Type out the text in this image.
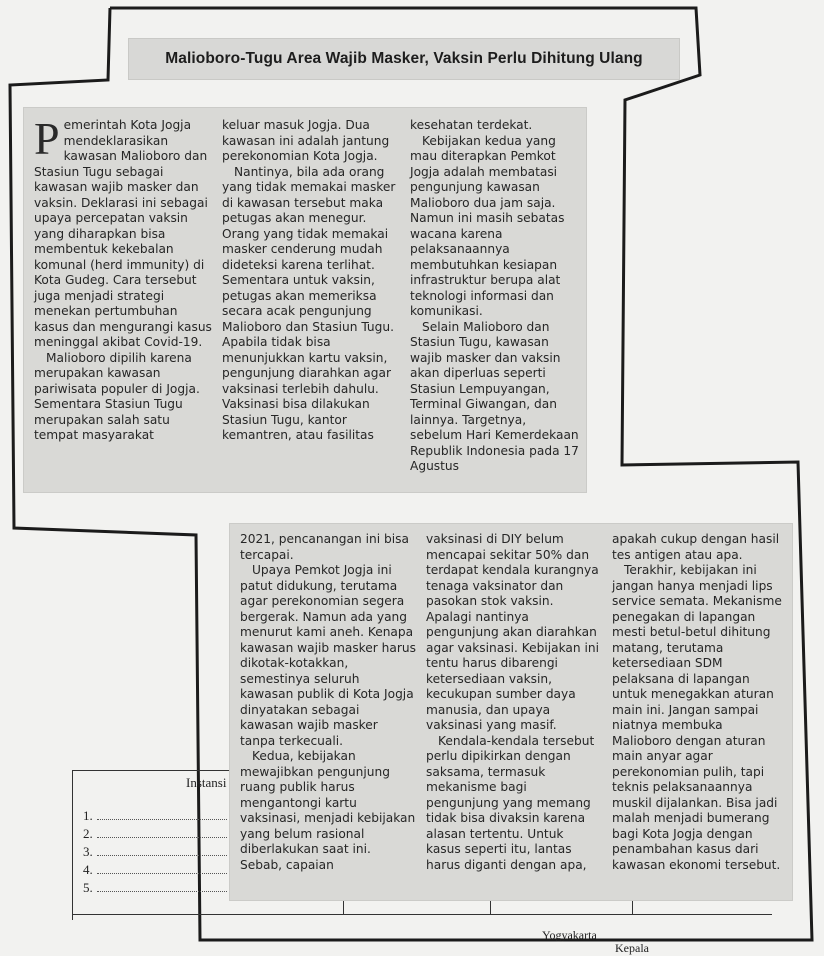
Instansi
1.
2.
3.
4.
5.
Yogyakarta
Kepala
Malioboro-Tugu Area Wajib Masker, Vaksin Perlu Dihitung Ulang
P emerintah Kota Jogja mendeklarasikan kawasan Malioboro dan Stasiun Tugu sebagai kawasan wajib masker dan vaksin. Deklarasi ini sebagai upaya percepatan vaksin yang diharapkan bisa membentuk kekebalan komunal (herd immunity) di Kota Gudeg. Cara tersebut juga menjadi strategi menekan pertumbuhan kasus dan mengurangi kasus meninggal akibat Covid-19.

Malioboro dipilih karena merupakan kawasan pariwisata populer di Jogja. Sementara Stasiun Tugu merupakan salah satu tempat masyarakat

keluar masuk Jogja. Dua kawasan ini adalah jantung perekonomian Kota Jogja.

Nantinya, bila ada orang yang tidak memakai masker di kawasan tersebut maka petugas akan menegur. Orang yang tidak memakai masker cenderung mudah dideteksi karena terlihat. Sementara untuk vaksin, petugas akan memeriksa secara acak pengunjung Malioboro dan Stasiun Tugu. Apabila tidak bisa menunjukkan kartu vaksin, pengunjung diarahkan agar vaksinasi terlebih dahulu. Vaksinasi bisa dilakukan Stasiun Tugu, kantor kemantren, atau fasilitas

kesehatan terdekat.

Kebijakan kedua yang mau diterapkan Pemkot Jogja adalah membatasi pengunjung kawasan Malioboro dua jam saja. Namun ini masih sebatas wacana karena pelaksanaannya membutuhkan kesiapan infrastruktur berupa alat teknologi informasi dan komunikasi.

Selain Malioboro dan Stasiun Tugu, kawasan wajib masker dan vaksin akan diperluas seperti Stasiun Lempuyangan, Terminal Giwangan, dan lainnya. Targetnya, sebelum Hari Kemerdekaan Republik Indonesia pada 17 Agustus

2021, pencanangan ini bisa tercapai.

Upaya Pemkot Jogja ini patut didukung, terutama agar perekonomian segera bergerak. Namun ada yang menurut kami aneh. Kenapa kawasan wajib masker harus dikotak-kotakkan, semestinya seluruh kawasan publik di Kota Jogja dinyatakan sebagai kawasan wajib masker tanpa terkecuali.

Kedua, kebijakan mewajibkan pengunjung ruang publik harus mengantongi kartu vaksinasi, menjadi kebijakan yang belum rasional diberlakukan saat ini. Sebab, capaian

vaksinasi di DIY belum mencapai sekitar 50% dan terdapat kendala kurangnya tenaga vaksinator dan pasokan stok vaksin. Apalagi nantinya pengunjung akan diarahkan agar vaksinasi. Kebijakan ini tentu harus dibarengi ketersediaan vaksin, kecukupan sumber daya manusia, dan upaya vaksinasi yang masif.

Kendala-kendala tersebut perlu dipikirkan dengan saksama, termasuk mekanisme bagi pengunjung yang memang tidak bisa divaksin karena alasan tertentu. Untuk kasus seperti itu, lantas harus diganti dengan apa,

apakah cukup dengan hasil tes antigen atau apa.

Terakhir, kebijakan ini jangan hanya menjadi lips service semata. Mekanisme penegakan di lapangan mesti betul-betul dihitung matang, terutama ketersediaan SDM pelaksana di lapangan untuk menegakkan aturan main ini. Jangan sampai niatnya membuka Malioboro dengan aturan main anyar agar perekonomian pulih, tapi teknis pelaksanaannya muskil dijalankan. Bisa jadi malah menjadi bumerang bagi Kota Jogja dengan penambahan kasus dari kawasan ekonomi tersebut.
